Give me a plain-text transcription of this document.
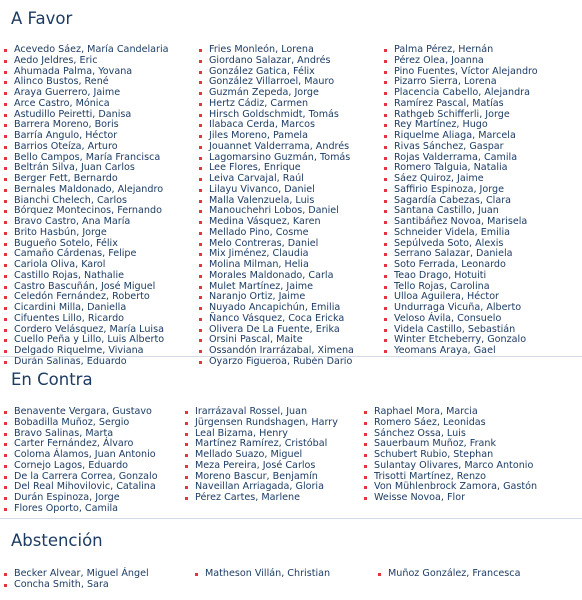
A Favor
Acevedo Sáez, María Candelaria
Aedo Jeldres, Eric
Ahumada Palma, Yovana
Alinco Bustos, René
Araya Guerrero, Jaime
Arce Castro, Mónica
Astudillo Peiretti, Danisa
Barrera Moreno, Boris
Barría Angulo, Héctor
Barrios Oteíza, Arturo
Bello Campos, María Francisca
Beltrán Silva, Juan Carlos
Berger Fett, Bernardo
Bernales Maldonado, Alejandro
Bianchi Chelech, Carlos
Bórquez Montecinos, Fernando
Bravo Castro, Ana María
Brito Hasbún, Jorge
Bugueño Sotelo, Félix
Camaño Cárdenas, Felipe
Cariola Oliva, Karol
Castillo Rojas, Nathalie
Castro Bascuñán, José Miguel
Celedón Fernández, Roberto
Cicardini Milla, Daniella
Cifuentes Lillo, Ricardo
Cordero Velásquez, María Luisa
Cuello Peña y Lillo, Luis Alberto
Delgado Riquelme, Viviana
Durán Salinas, Eduardo
Fries Monleón, Lorena
Giordano Salazar, Andrés
González Gatica, Félix
González Villarroel, Mauro
Guzmán Zepeda, Jorge
Hertz Cádiz, Carmen
Hirsch Goldschmidt, Tomás
Ilabaca Cerda, Marcos
Jiles Moreno, Pamela
Jouannet Valderrama, Andrés
Lagomarsino Guzmán, Tomás
Lee Flores, Enrique
Leiva Carvajal, Raúl
Lilayu Vivanco, Daniel
Malla Valenzuela, Luis
Manouchehri Lobos, Daniel
Medina Vásquez, Karen
Mellado Pino, Cosme
Melo Contreras, Daniel
Mix Jiménez, Claudia
Molina Milman, Helia
Morales Maldonado, Carla
Mulet Martínez, Jaime
Naranjo Ortiz, Jaime
Nuyado Ancapichún, Emilia
Ñanco Vásquez, Coca Ericka
Olivera De La Fuente, Erika
Orsini Pascal, Maite
Ossandón Irarrázabal, Ximena
Oyarzo Figueroa, Rubén Darío
Palma Pérez, Hernán
Pérez Olea, Joanna
Pino Fuentes, Víctor Alejandro
Pizarro Sierra, Lorena
Placencia Cabello, Alejandra
Ramírez Pascal, Matías
Rathgeb Schifferli, Jorge
Rey Martínez, Hugo
Riquelme Aliaga, Marcela
Rivas Sánchez, Gaspar
Rojas Valderrama, Camila
Romero Talguia, Natalia
Sáez Quiroz, Jaime
Saffirio Espinoza, Jorge
Sagardía Cabezas, Clara
Santana Castillo, Juan
Santibáñez Novoa, Marisela
Schneider Videla, Emilia
Sepúlveda Soto, Alexis
Serrano Salazar, Daniela
Soto Ferrada, Leonardo
Teao Drago, Hotuiti
Tello Rojas, Carolina
Ulloa Aguilera, Héctor
Undurraga Vicuña, Alberto
Veloso Ávila, Consuelo
Videla Castillo, Sebastián
Winter Etcheberry, Gonzalo
Yeomans Araya, Gael
En Contra
Benavente Vergara, Gustavo
Bobadilla Muñoz, Sergio
Bravo Salinas, Marta
Carter Fernández, Álvaro
Coloma Álamos, Juan Antonio
Cornejo Lagos, Eduardo
De la Carrera Correa, Gonzalo
Del Real Mihovilovic, Catalina
Durán Espinoza, Jorge
Flores Oporto, Camila
Irarrázaval Rossel, Juan
Jürgensen Rundshagen, Harry
Leal Bizama, Henry
Martínez Ramírez, Cristóbal
Mellado Suazo, Miguel
Meza Pereira, José Carlos
Moreno Bascur, Benjamín
Naveillan Arriagada, Gloria
Pérez Cartes, Marlene
Raphael Mora, Marcia
Romero Sáez, Leonidas
Sánchez Ossa, Luis
Sauerbaum Muñoz, Frank
Schubert Rubio, Stephan
Sulantay Olivares, Marco Antonio
Trisotti Martínez, Renzo
Von Mühlenbrock Zamora, Gastón
Weisse Novoa, Flor
Abstención
Becker Alvear, Miguel Ángel
Concha Smith, Sara
Matheson Villán, Christian	Muñoz González, Francesca
